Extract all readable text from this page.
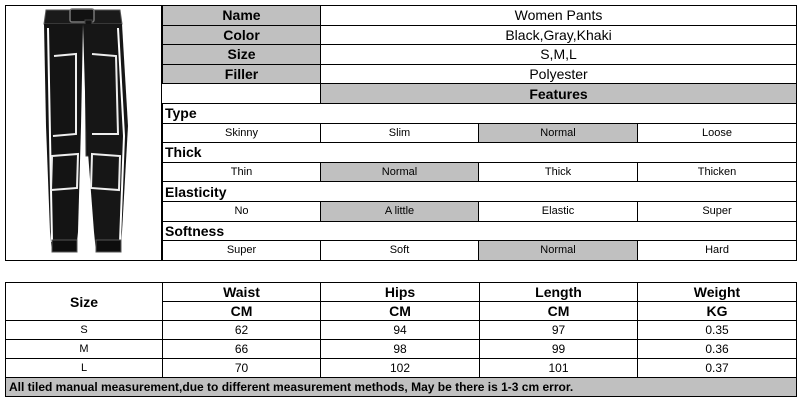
Name	Women Pants		
Color	Black,Gray,Khaki		
Size	S,M,L		
Filler	Polyester		
	Features		
Type			
Skinny	Slim	Normal	Loose
Thick			
Thin	Normal	Thick	Thicken
Elasticity			
No	A little	Elastic	Super
Softness			
Super	Soft	Normal	Hard
Size	Waist	Hips	Length	Weight
	CM	CM	CM	KG
S	62	94	97	0.35
M	66	98	99	0.36
L	70	102	101	0.37
All tiled manual measurement,due to different measurement methods, May be there is 1-3 cm error.				
